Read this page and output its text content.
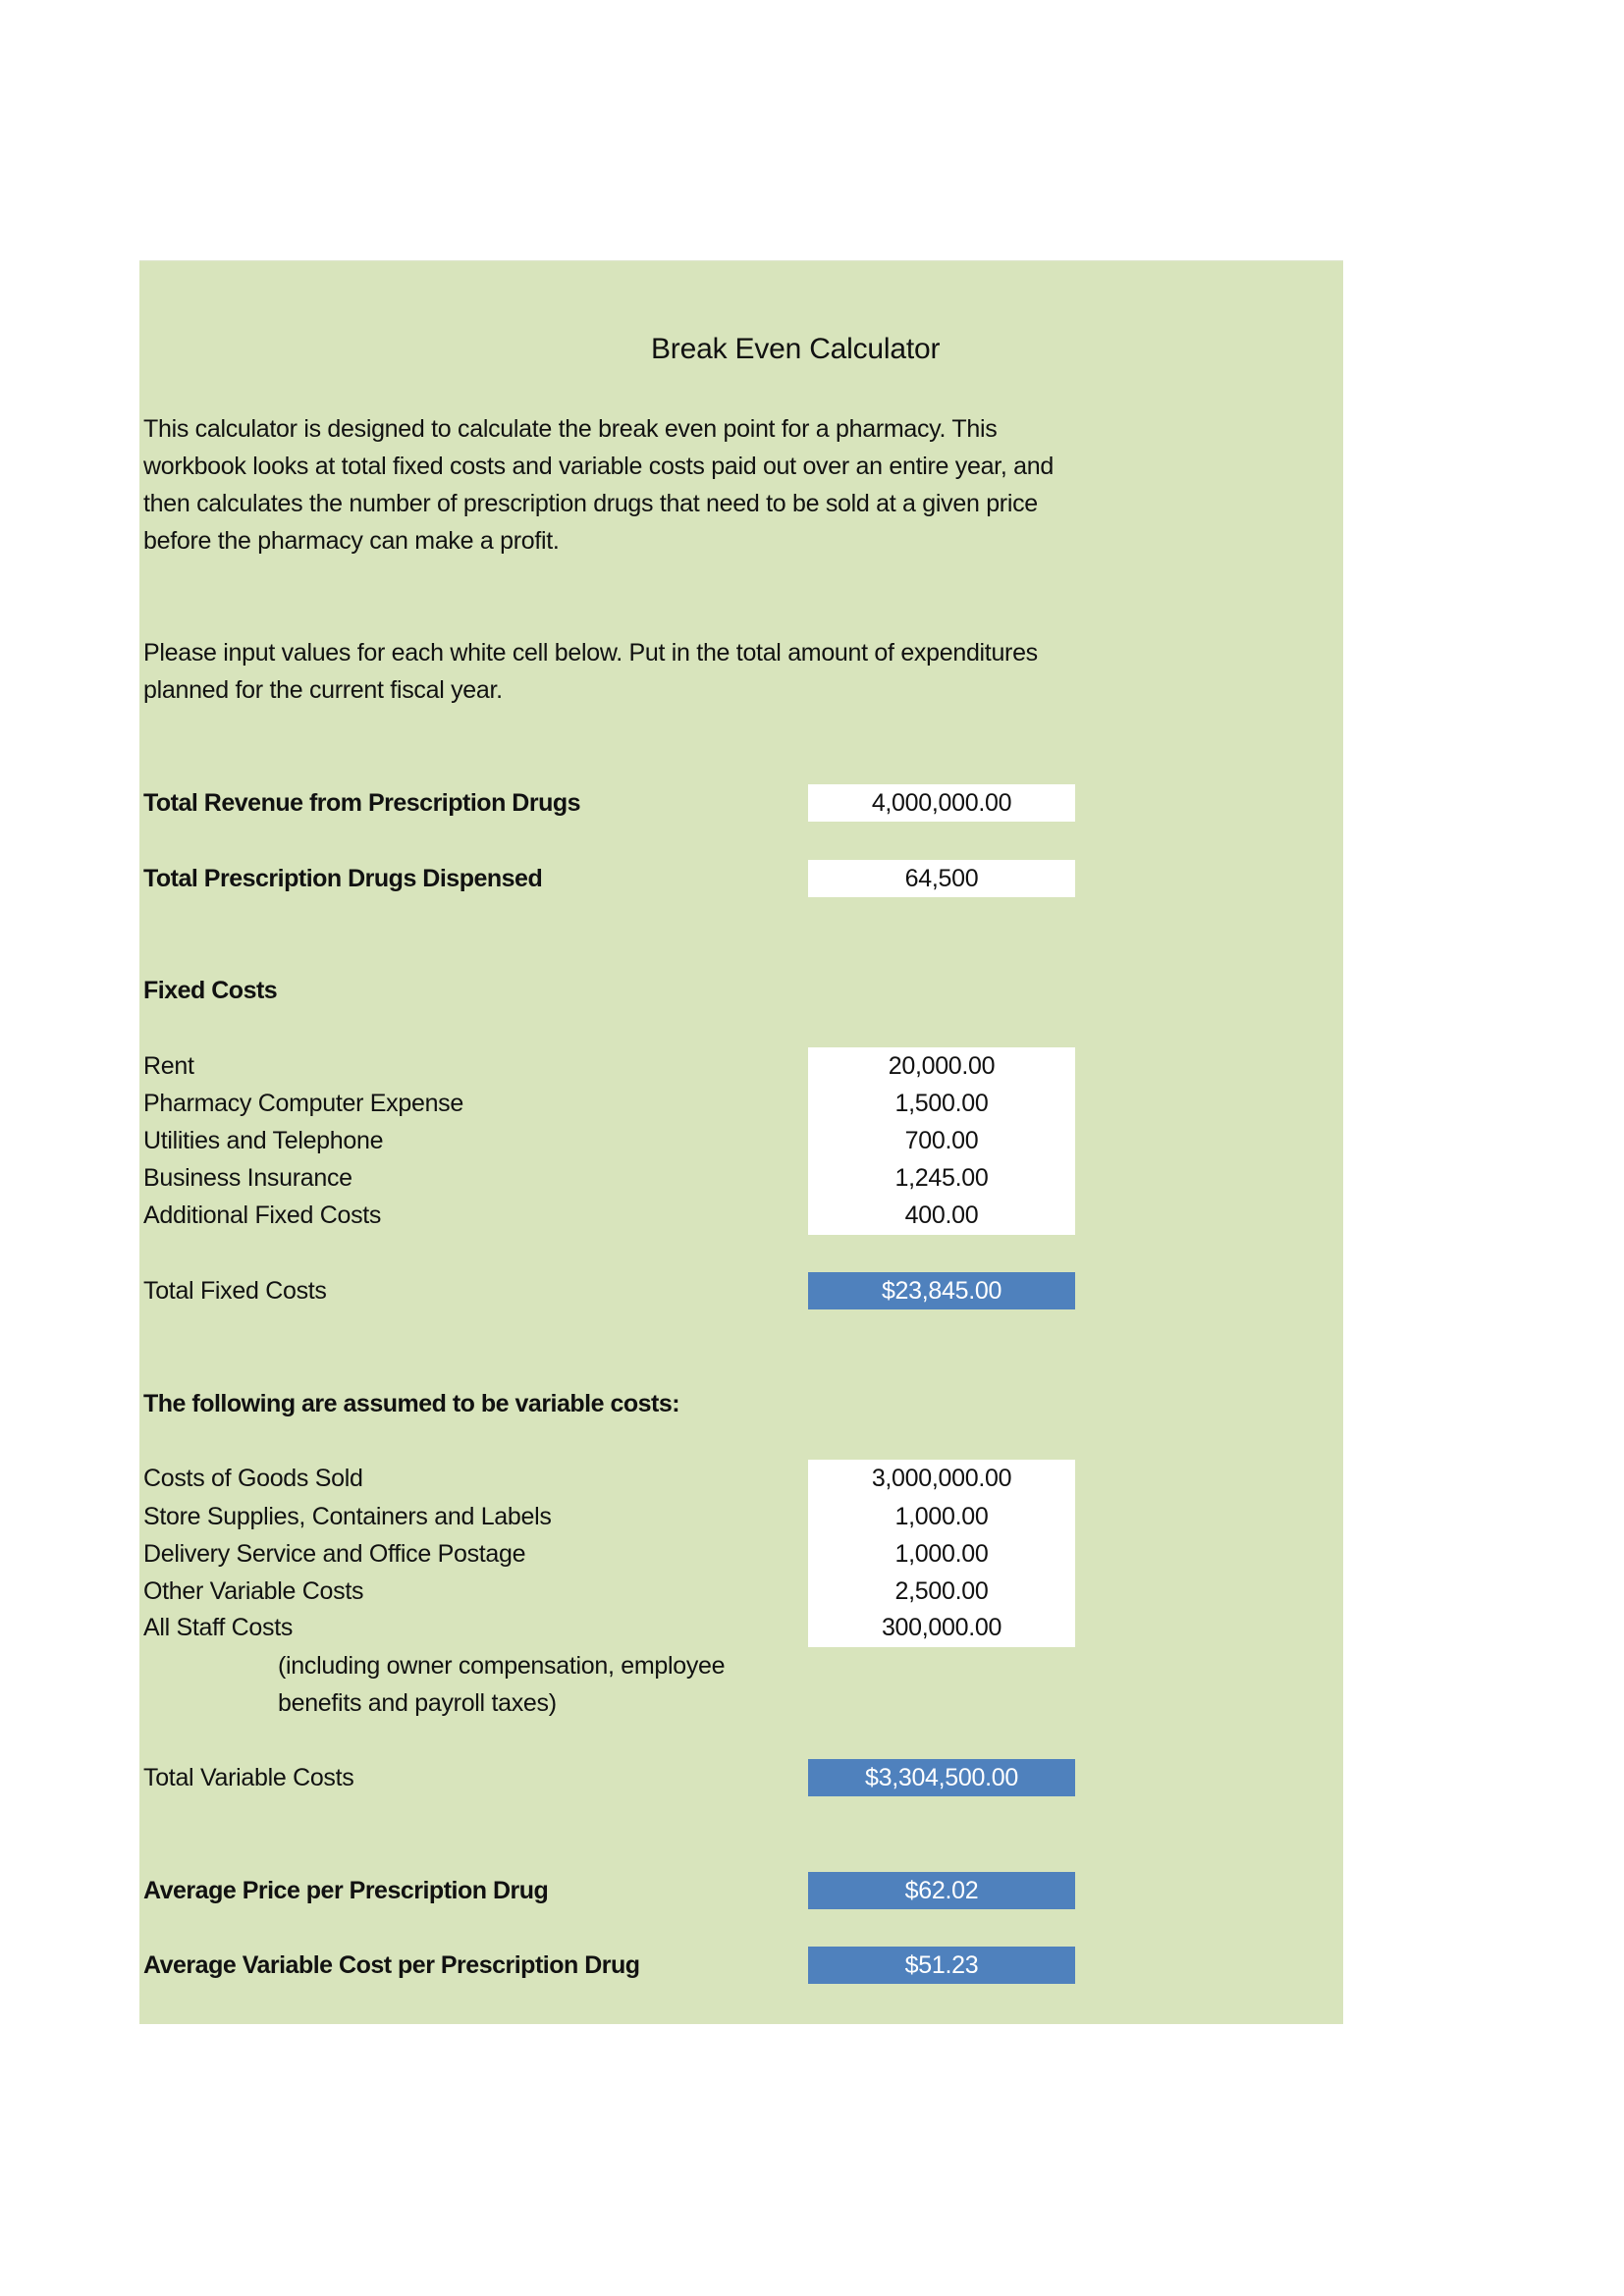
Break Even Calculator
This calculator is designed to calculate the break even point for a pharmacy. This
workbook looks at total fixed costs and variable costs paid out over an entire year, and
then calculates the number of prescription drugs that need to be sold at a given price
before the pharmacy can make a profit.
Please input values for each white cell below. Put in the total amount of expenditures
planned for the current fiscal year.
Total Revenue from Prescription Drugs	4,000,000.00
Total Prescription Drugs Dispensed	64,500
Fixed Costs
Rent	20,000.00
Pharmacy Computer Expense	1,500.00
Utilities and Telephone	700.00
Business Insurance	1,245.00
Additional Fixed Costs	400.00
Total Fixed Costs	$23,845.00
The following are assumed to be variable costs:
Costs of Goods Sold	3,000,000.00
Store Supplies, Containers and Labels	1,000.00
Delivery Service and Office Postage	1,000.00
Other Variable Costs	2,500.00
All Staff Costs	300,000.00
(including owner compensation, employee
benefits and payroll taxes)
Total Variable Costs	$3,304,500.00
Average Price per Prescription Drug	$62.02
Average Variable Cost per Prescription Drug	$51.23
